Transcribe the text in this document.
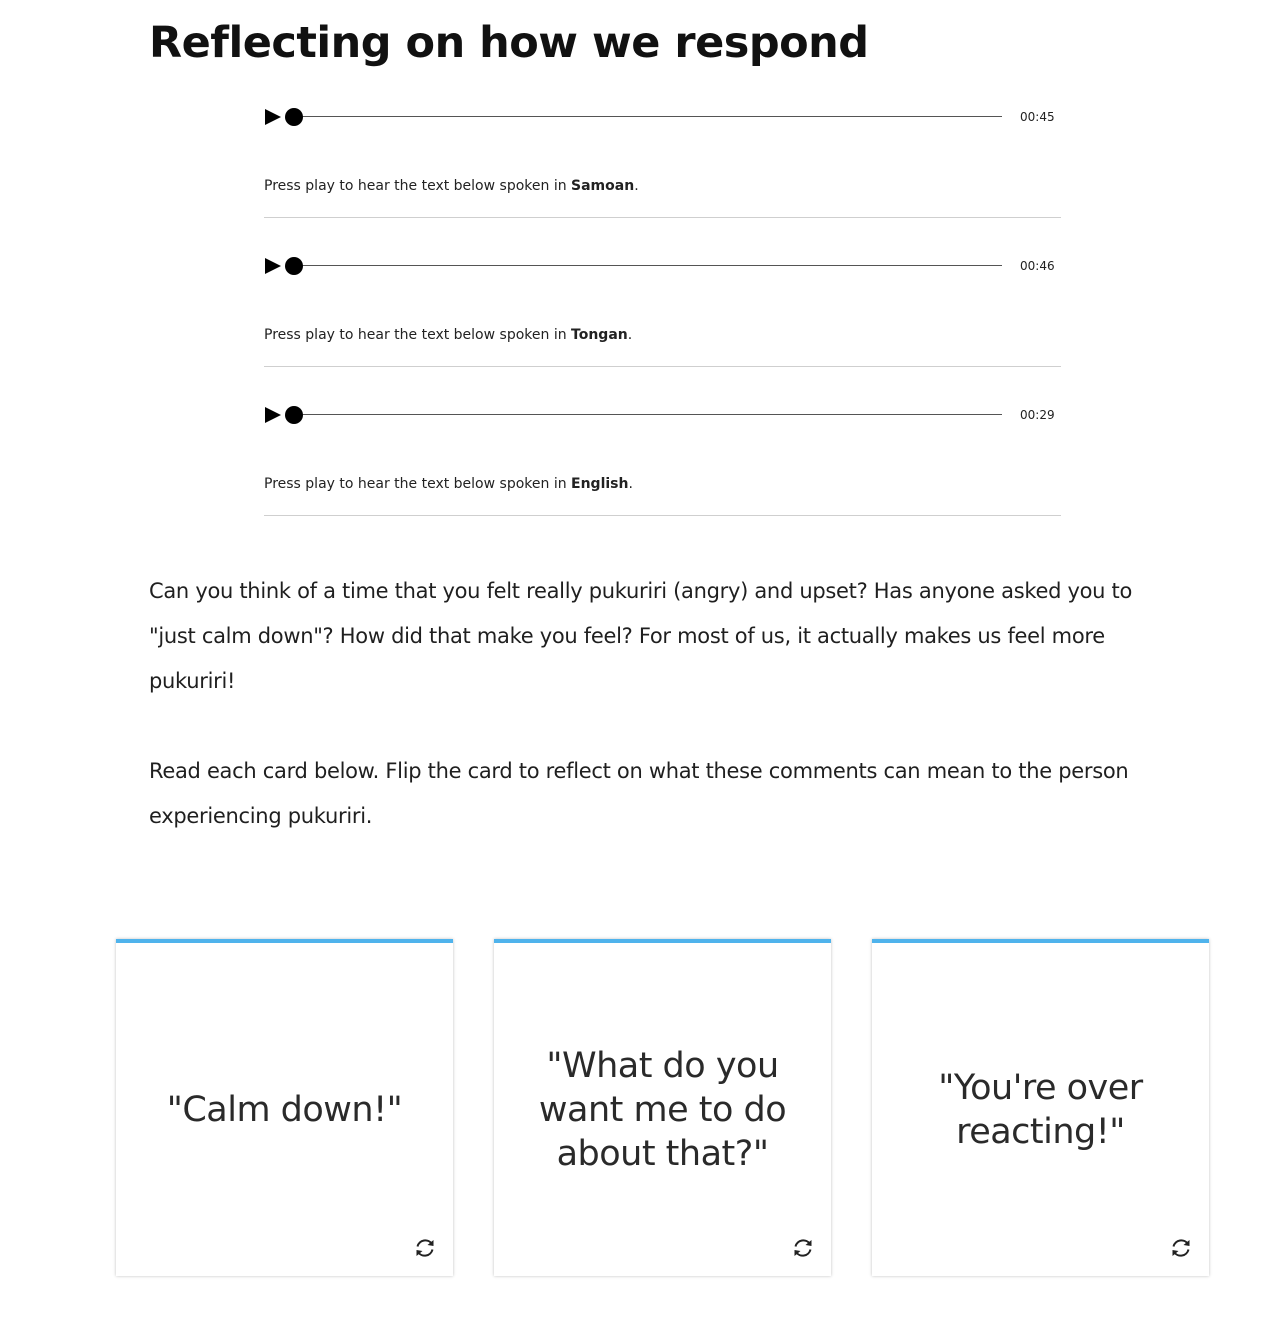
Reflecting on how we respond
00:45
Press play to hear the text below spoken in Samoan.
00:46
Press play to hear the text below spoken in Tongan.
00:29
Press play to hear the text below spoken in English.

Can you think of a time that you felt really pukuriri (angry) and upset? Has anyone asked you to "just calm down"? How did that make you feel? For most of us, it actually makes us feel more pukuriri!

Read each card below. Flip the card to reflect on what these comments can mean to the person experiencing pukuriri.

"Calm down!"
"What do you want me to do about that?"
"You're over reacting!"
